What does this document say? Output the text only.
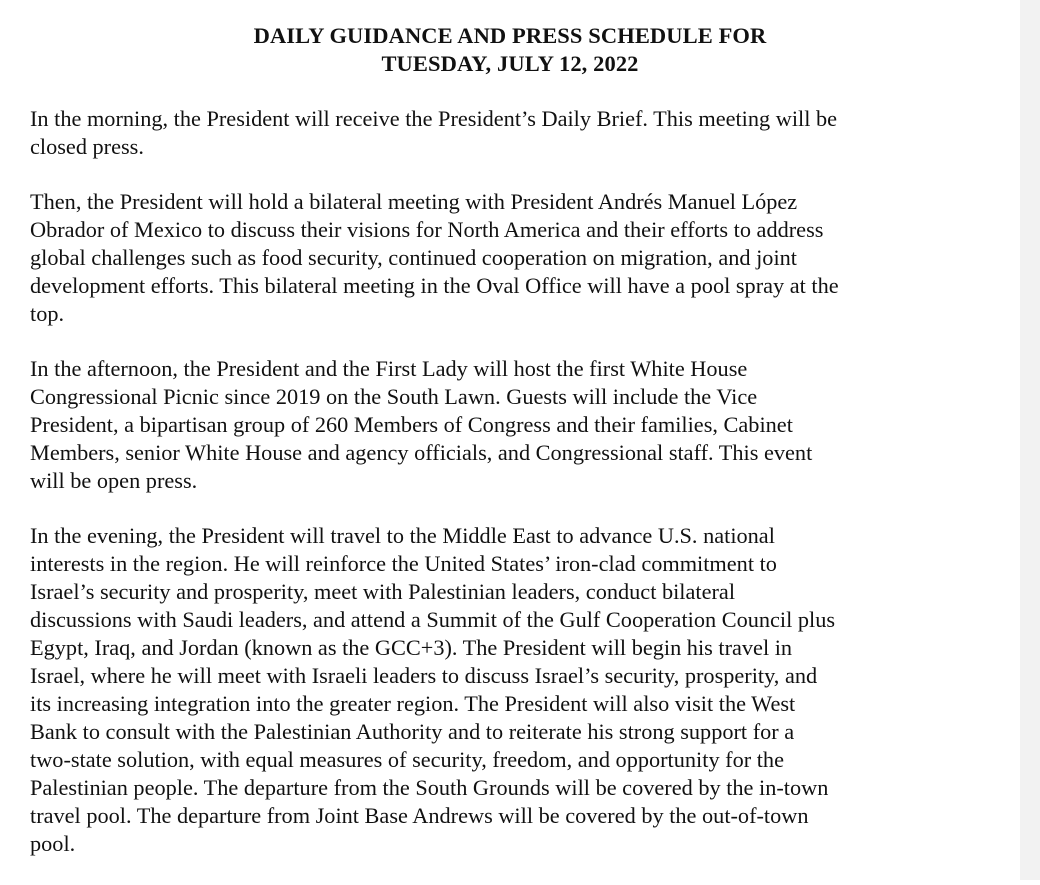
DAILY GUIDANCE AND PRESS SCHEDULE FOR
TUESDAY, JULY 12, 2022
In the morning, the President will receive the President’s Daily Brief. This meeting will be
closed press.
Then, the President will hold a bilateral meeting with President Andrés Manuel López
Obrador of Mexico to discuss their visions for North America and their efforts to address
global challenges such as food security, continued cooperation on migration, and joint
development efforts. This bilateral meeting in the Oval Office will have a pool spray at the
top.
In the afternoon, the President and the First Lady will host the first White House
Congressional Picnic since 2019 on the South Lawn. Guests will include the Vice
President, a bipartisan group of 260 Members of Congress and their families, Cabinet
Members, senior White House and agency officials, and Congressional staff. This event
will be open press.
In the evening, the President will travel to the Middle East to advance U.S. national
interests in the region. He will reinforce the United States’ iron-clad commitment to
Israel’s security and prosperity, meet with Palestinian leaders, conduct bilateral
discussions with Saudi leaders, and attend a Summit of the Gulf Cooperation Council plus
Egypt, Iraq, and Jordan (known as the GCC+3). The President will begin his travel in
Israel, where he will meet with Israeli leaders to discuss Israel’s security, prosperity, and
its increasing integration into the greater region. The President will also visit the West
Bank to consult with the Palestinian Authority and to reiterate his strong support for a
two-state solution, with equal measures of security, freedom, and opportunity for the
Palestinian people. The departure from the South Grounds will be covered by the in-town
travel pool. The departure from Joint Base Andrews will be covered by the out-of-town
pool.
